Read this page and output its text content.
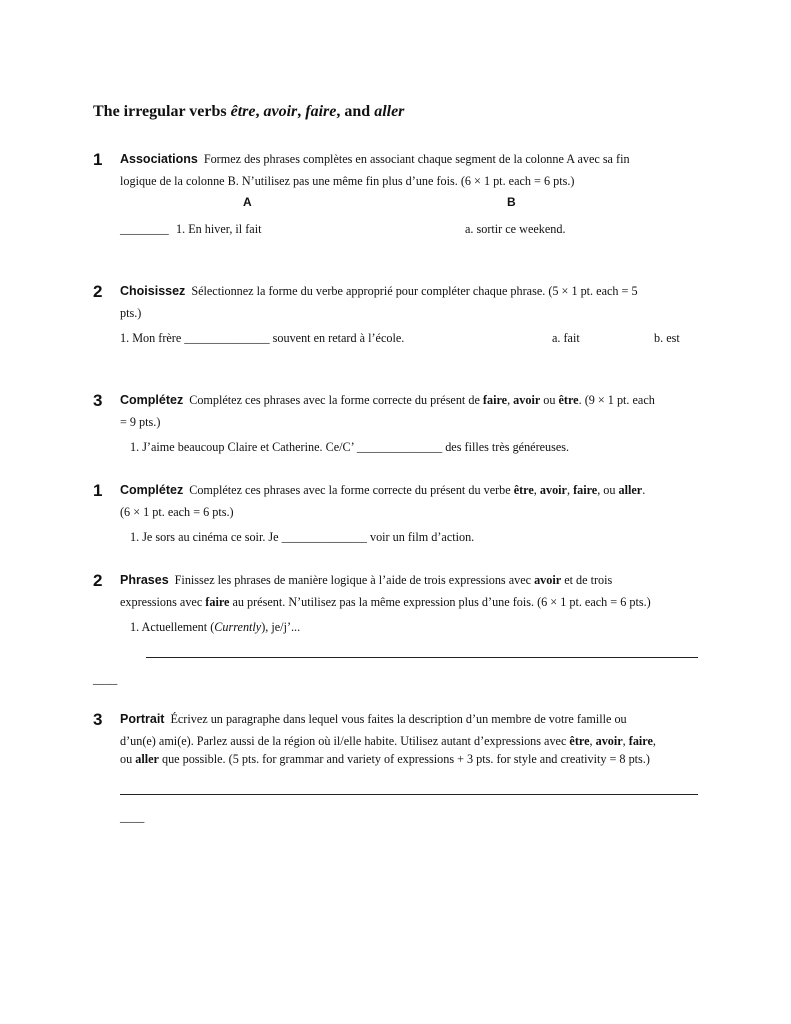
The irregular verbs être, avoir, faire, and aller
1 Associations Formez des phrases complètes en associant chaque segment de la colonne A avec sa fin
logique de la colonne B. N’utilisez pas une même fin plus d’une fois. (6 × 1 pt. each = 6 pts.)
A	B
________ 1. En hiver, il fait	a. sortir ce weekend.
2 Choisissez Sélectionnez la forme du verbe approprié pour compléter chaque phrase. (5 × 1 pt. each = 5
pts.)
1. Mon frère ______________ souvent en retard à l’école.	a. fait	b. est
3 Complétez Complétez ces phrases avec la forme correcte du présent de faire, avoir ou être. (9 × 1 pt. each
= 9 pts.)
1. J’aime beaucoup Claire et Catherine. Ce/C’ ______________ des filles très généreuses.
1 Complétez Complétez ces phrases avec la forme correcte du présent du verbe être, avoir, faire, ou aller.
(6 × 1 pt. each = 6 pts.)
1. Je sors au cinéma ce soir. Je ______________ voir un film d’action.
2 Phrases Finissez les phrases de manière logique à l’aide de trois expressions avec avoir et de trois
expressions avec faire au présent. N’utilisez pas la même expression plus d’une fois. (6 × 1 pt. each = 6 pts.)
1. Actuellement (Currently), je/j’...
____
3 Portrait Écrivez un paragraphe dans lequel vous faites la description d’un membre de votre famille ou
d’un(e) ami(e). Parlez aussi de la région où il/elle habite. Utilisez autant d’expressions avec être, avoir, faire,
ou aller que possible. (5 pts. for grammar and variety of expressions + 3 pts. for style and creativity = 8 pts.)
____
